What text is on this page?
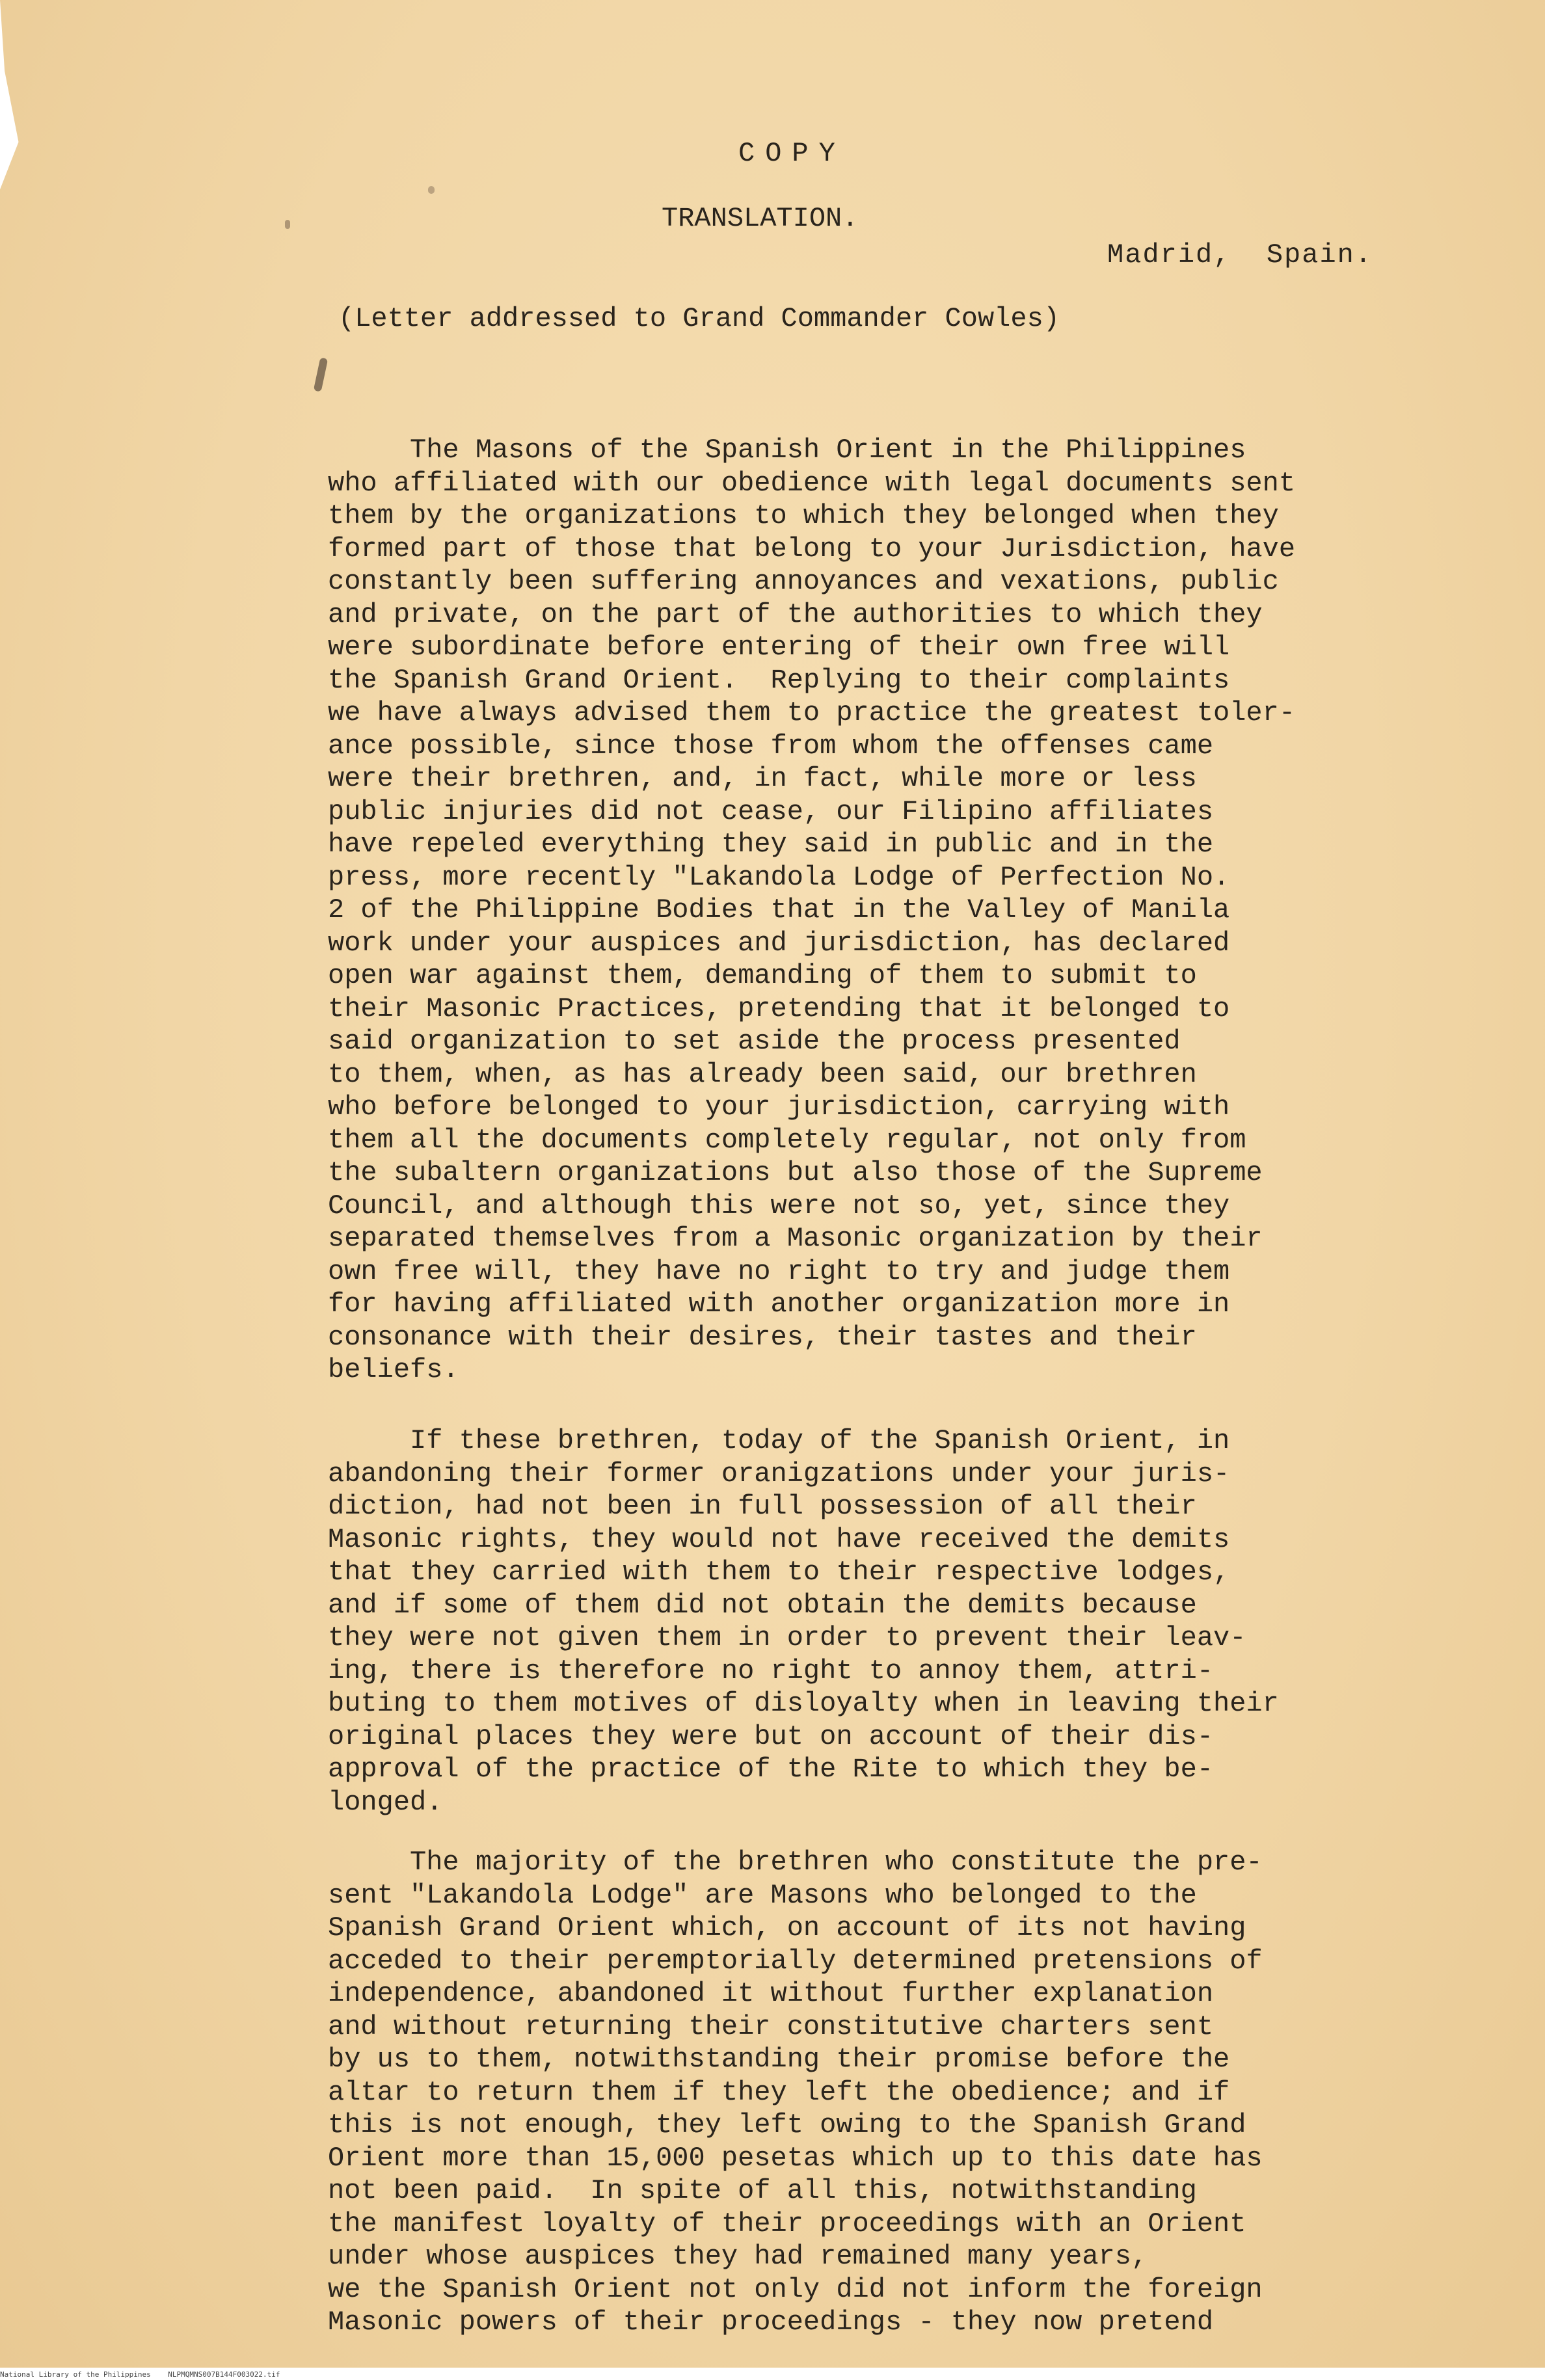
COPY
TRANSLATION.
Madrid,  Spain.
(Letter addressed to Grand Commander Cowles)
The Masons of the Spanish Orient in the Philippines
who affiliated with our obedience with legal documents sent
them by the organizations to which they belonged when they
formed part of those that belong to your Jurisdiction, have
constantly been suffering annoyances and vexations, public
and private, on the part of the authorities to which they
were subordinate before entering of their own free will
the Spanish Grand Orient.  Replying to their complaints
we have always advised them to practice the greatest toler-
ance possible, since those from whom the offenses came
were their brethren, and, in fact, while more or less
public injuries did not cease, our Filipino affiliates
have repeled everything they said in public and in the
press, more recently "Lakandola Lodge of Perfection No.
2 of the Philippine Bodies that in the Valley of Manila
work under your auspices and jurisdiction, has declared
open war against them, demanding of them to submit to
their Masonic Practices, pretending that it belonged to
said organization to set aside the process presented
to them, when, as has already been said, our brethren
who before belonged to your jurisdiction, carrying with
them all the documents completely regular, not only from
the subaltern organizations but also those of the Supreme
Council, and although this were not so, yet, since they
separated themselves from a Masonic organization by their
own free will, they have no right to try and judge them
for having affiliated with another organization more in
consonance with their desires, their tastes and their
beliefs.
If these brethren, today of the Spanish Orient, in
abandoning their former oranigzations under your juris-
diction, had not been in full possession of all their
Masonic rights, they would not have received the demits
that they carried with them to their respective lodges,
and if some of them did not obtain the demits because
they were not given them in order to prevent their leav-
ing, there is therefore no right to annoy them, attri-
buting to them motives of disloyalty when in leaving their
original places they were but on account of their dis-
approval of the practice of the Rite to which they be-
longed.
The majority of the brethren who constitute the pre-
sent "Lakandola Lodge" are Masons who belonged to the
Spanish Grand Orient which, on account of its not having
acceded to their peremptorially determined pretensions of
independence, abandoned it without further explanation
and without returning their constitutive charters sent
by us to them, notwithstanding their promise before the
altar to return them if they left the obedience; and if
this is not enough, they left owing to the Spanish Grand
Orient more than 15,000 pesetas which up to this date has
not been paid.  In spite of all this, notwithstanding
the manifest loyalty of their proceedings with an Orient
under whose auspices they had remained many years,
we the Spanish Orient not only did not inform the foreign
Masonic powers of their proceedings - they now pretend
National Library of the Philippines    NLPMQMNS007B144F003022.tif
